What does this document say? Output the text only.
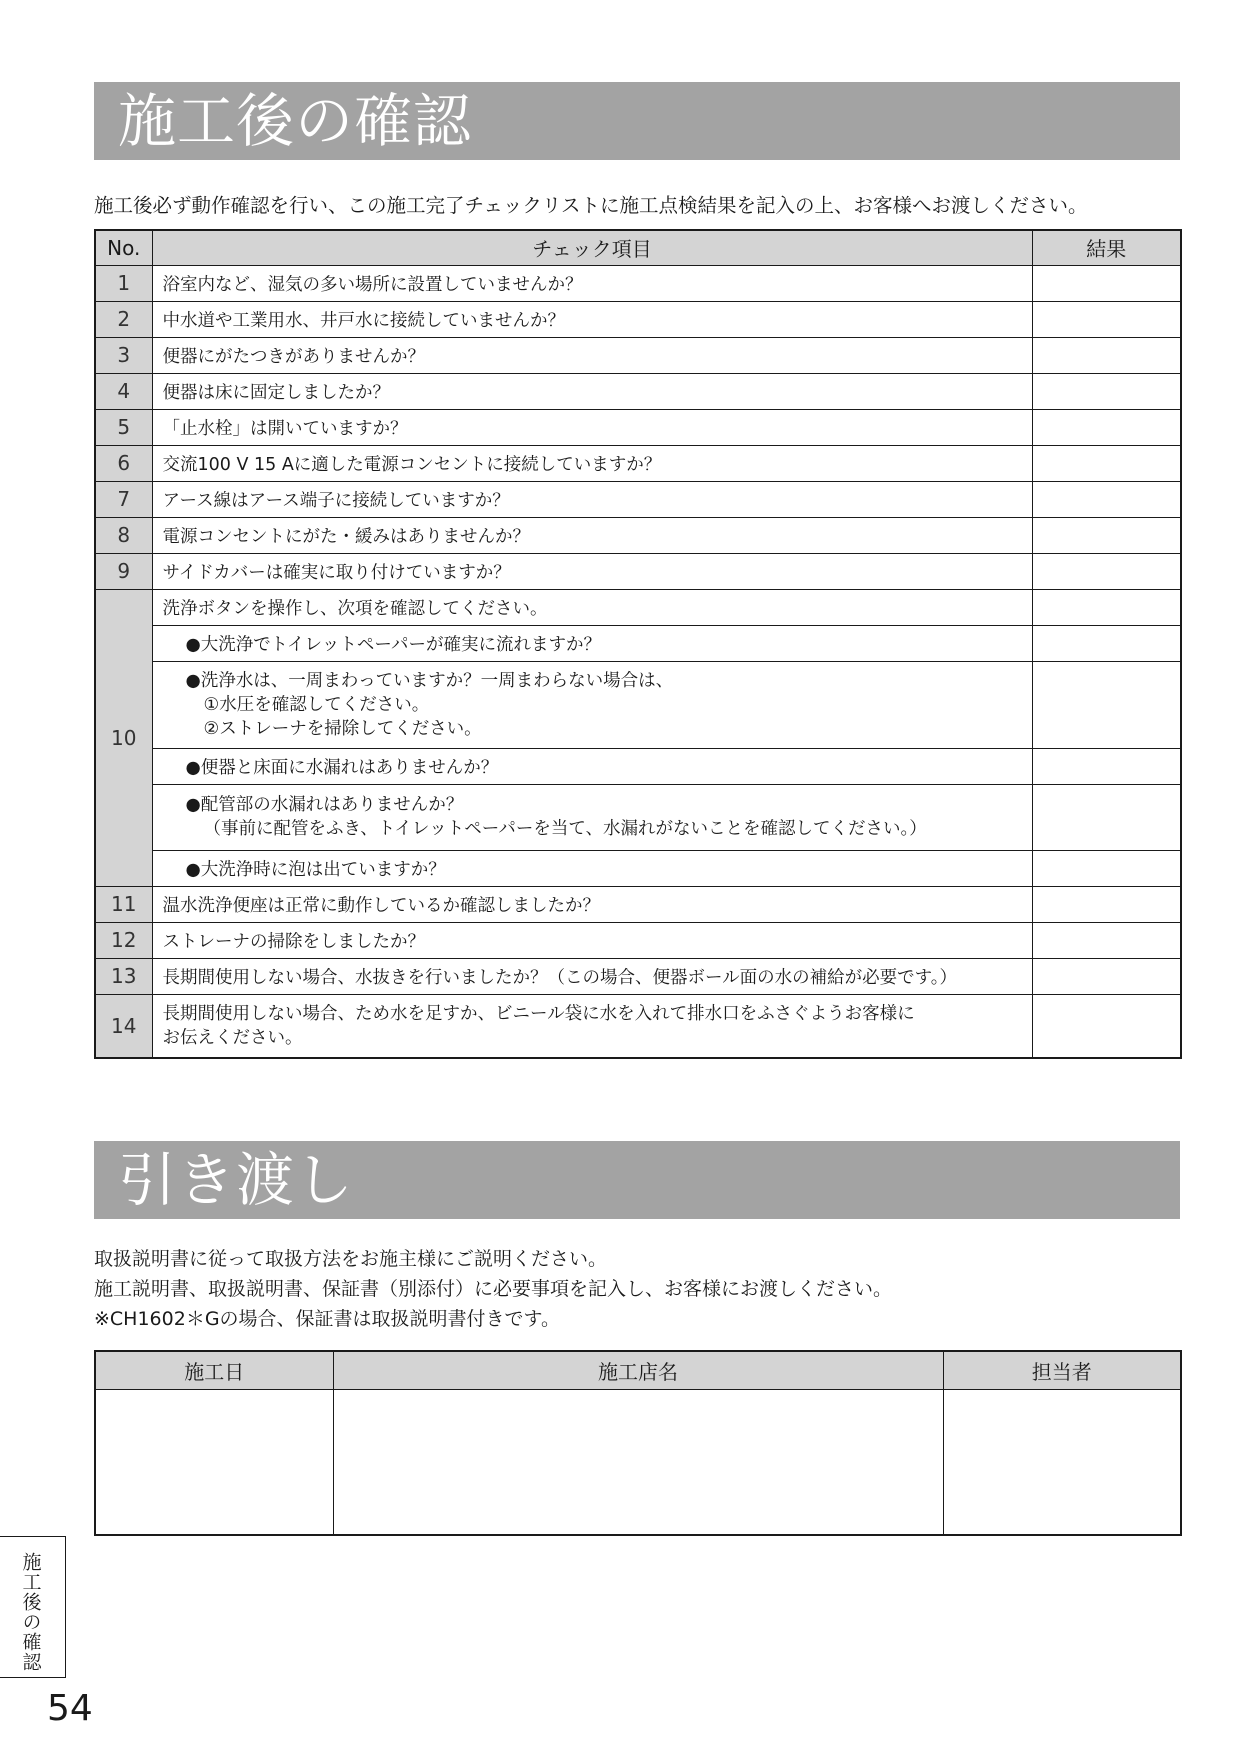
施工後の確認
施工後必ず動作確認を行い、この施工完了チェックリストに施工点検結果を記入の上、お客様へお渡しください。
No.	チェック項目	結果
1	浴室内など、湿気の多い場所に設置していませんか？	
2	中水道や工業用水、井戸水に接続していませんか？	
3	便器にがたつきがありませんか？	
4	便器は床に固定しましたか？	
5	「止水栓」は開いていますか？	
6	交流100 V 15 Aに適した電源コンセントに接続していますか？	
7	アース線はアース端子に接続していますか？	
8	電源コンセントにがた・緩みはありませんか？	
9	サイドカバーは確実に取り付けていますか？	
10	洗浄ボタンを操作し、次項を確認してください。	
	●大洗浄でトイレットペーパーが確実に流れますか？	

	●洗浄水は、一周まわっていますか？一周まわらない場合は、
①水圧を確認してください。
②ストレーナを掃除してください。	

	●便器と床面に水漏れはありませんか？	

	●配管部の水漏れはありませんか？
（事前に配管をふき、トイレットペーパーを当て、水漏れがないことを確認してください。）	

	●大洗浄時に泡は出ていますか？	
11	温水洗浄便座は正常に動作しているか確認しましたか？	
12	ストレーナの掃除をしましたか？	
13	長期間使用しない場合、水抜きを行いましたか？（この場合、便器ボール面の水の補給が必要です。）	
14	長期間使用しない場合、ため水を足すか、ビニール袋に水を入れて排水口をふさぐようお客様に
お伝えください。	

引き渡し
取扱説明書に従って取扱方法をお施主様にご説明ください。
施工説明書、取扱説明書、保証書（別添付）に必要事項を記入し、お客様にお渡しください。
※CH1602＊Gの場合、保証書は取扱説明書付きです。
施工日	施工店名	担当者

施工後の確認
54
